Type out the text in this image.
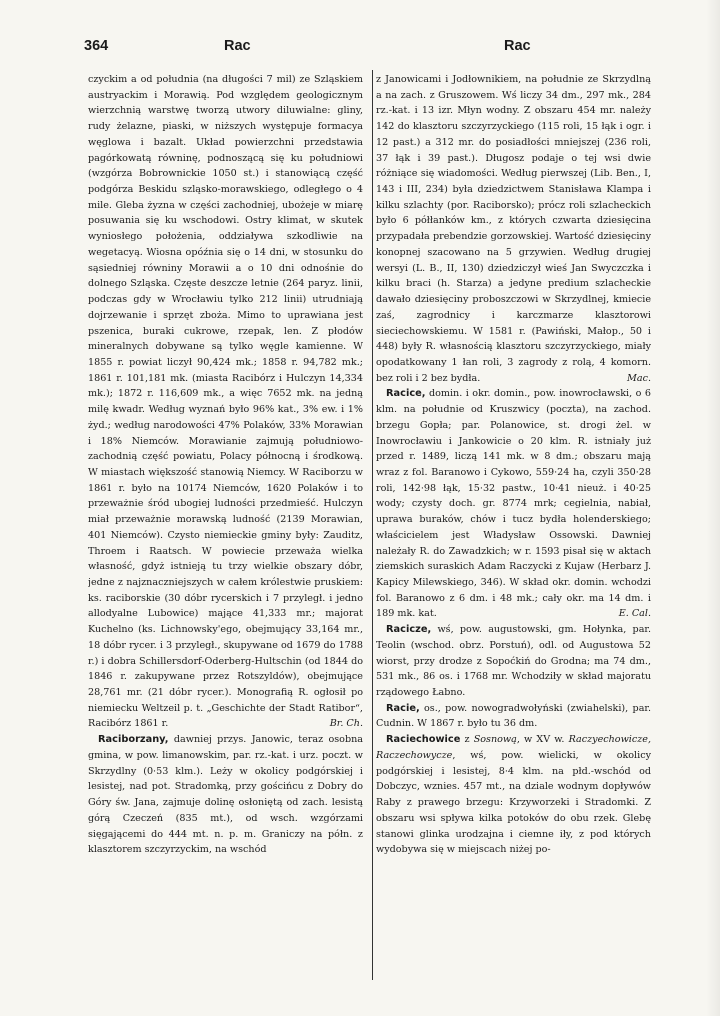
364	Rac	Rac

czyckim a od południa (na długości 7 mil) ze Szląskiem austryackim i Morawią. Pod względem geologicznym wierzchnią warstwę tworzą utwory diluwialne: gliny, rudy żelazne, piaski, w niższych występuje formacya węglowa i bazalt. Układ powierzchni przedstawia pagórkowatą równinę, podnoszącą się ku południowi (wzgórza Bobrownickie 1050 st.) i stanowiącą część podgórza Beskidu szląsko-morawskiego, odległego o 4 mile. Gleba żyzna w części zachodniej, ubożeje w miarę posuwania się ku wschodowi. Ostry klimat, w skutek wyniosłego położenia, oddziaływa szkodliwie na wegetacyą. Wiosna opóźnia się o 14 dni, w stosunku do sąsiedniej równiny Morawii a o 10 dni odnośnie do dolnego Szląska. Częste deszcze letnie (264 paryz. linii, podczas gdy w Wrocławiu tylko 212 linii) utrudniają dojrzewanie i sprzęt zboża. Mimo to uprawiana jest pszenica, buraki cukrowe, rzepak, len. Z płodów mineralnych dobywane są tylko węgle kamienne. W 1855 r. powiat liczył 90,424 mk.; 1858 r. 94,782 mk.; 1861 r. 101,181 mk. (miasta Racibórz i Hulczyn 14,334 mk.); 1872 r. 116,609 mk., a więc 7652 mk. na jedną milę kwadr. Według wyznań było 96% kat., 3% ew. i 1% żyd.; według narodowości 47% Polaków, 33% Morawian i 18% Niemców. Morawianie zajmują południowo-zachodnią część powiatu, Polacy północną i środkową. W miastach większość stanowią Niemcy. W Raciborzu w 1861 r. było na 10174 Niemców, 1620 Polaków i to przeważnie śród ubogiej ludności przedmieść. Hulczyn miał przeważnie morawską ludność (2139 Morawian, 401 Niemców). Czysto niemieckie gminy były: Zauditz, Throem i Raatsch. W powiecie przeważa wielka własność, gdyż istnieją tu trzy wielkie obszary dóbr, jedne z najznaczniejszych w całem królestwie pruskiem: ks. raciborskie (30 dóbr rycerskich i 7 przyległ. i jedno allodyalne Lubowice) mające 41,333 mr.; majorat Kuchelno (ks. Lichnowsky'ego, obejmujący 33,164 mr., 18 dóbr rycer. i 3 przyległ., skupywane od 1679 do 1788 r.) i dobra Schillersdorf-Oderberg-Hultschin (od 1844 do 1846 r. zakupywane przez Rotszyldów), obejmujące 28,761 mr. (21 dóbr rycer.). Monografią R. ogłosił po niemiecku Weltzeil p. t. „Geschichte der Stadt Ratibor“, Racibórz 1861 r.	Br. Ch.

Raciborzany, dawniej przys. Janowic, teraz osobna gmina, w pow. limanowskim, par. rz.-kat. i urz. poczt. w Skrzydlny (0·53 klm.). Leży w okolicy podgórskiej i lesistej, nad pot. Stradomką, przy gościńcu z Dobry do Góry św. Jana, zajmuje dolinę osłoniętą od zach. lesistą górą Czeczeń (835 mt.), od wsch. wzgórzami sięgającemi do 444 mt. n. p. m. Graniczy na półn. z klasztorem szczyrzyckim, na wschód

z Janowicami i Jodłownikiem, na południe ze Skrzydlną a na zach. z Gruszowem. Wś liczy 34 dm., 297 mk., 284 rz.-kat. i 13 izr. Młyn wodny. Z obszaru 454 mr. należy 142 do klasztoru szczyrzyckiego (115 roli, 15 łąk i ogr. i 12 past.) a 312 mr. do posiadłości mniejszej (236 roli, 37 łąk i 39 past.). Długosz podaje o tej wsi dwie różniące się wiadomości. Według pierwszej (Lib. Ben., I, 143 i III, 234) była dziedzictwem Stanisława Klampa i kilku szlachty (por. Raciborsko); prócz roli szlacheckich było 6 półłanków km., z których czwarta dziesięcina przypadała prebendzie gorzowskiej. Wartość dziesięciny konopnej szacowano na 5 grzywien. Według drugiej wersyi (L. B., II, 130) dziedziczył wieś Jan Swyczczka i kilku braci (h. Starza) a jedyne predium szlacheckie dawało dziesięciny proboszczowi w Skrzydlnej, kmiecie zaś, zagrodnicy i karczmarze klasztorowi sieciechowskiemu. W 1581 r. (Pawiński, Małop., 50 i 448) były R. własnością klasztoru szczyrzyckiego, miały opodatkowany 1 łan roli, 3 zagrody z rolą, 4 komorn. bez roli i 2 bez bydła.	Mac.

Racice, domin. i okr. domin., pow. inowrocławski, o 6 klm. na południe od Kruszwicy (poczta), na zachod. brzegu Gopła; par. Polanowice, st. drogi żel. w Inowrocławiu i Jankowicie o 20 klm. R. istniały już przed r. 1489, liczą 141 mk. w 8 dm.; obszaru mają wraz z fol. Baranowo i Cykowo, 559·24 ha, czyli 350·28 roli, 142·98 łąk, 15·32 pastw., 10·41 nieuż. i 40·25 wody; czysty doch. gr. 8774 mrk; cegielnia, nabiał, uprawa buraków, chów i tucz bydła holenderskiego; właścicielem jest Władysław Ossowski. Dawniej należały R. do Zawadzkich; w r. 1593 pisał się w aktach ziemskich suraskich Adam Raczycki z Kujaw (Herbarz J. Kapicy Milewskiego, 346). W skład okr. domin. wchodzi fol. Baranowo z 6 dm. i 48 mk.; cały okr. ma 14 dm. i 189 mk. kat.	E. Cal.

Racicze, wś, pow. augustowski, gm. Hołynka, par. Teolin (wschod. obrz. Porstuń), odl. od Augustowa 52 wiorst, przy drodze z Sopoćkiń do Grodna; ma 74 dm., 531 mk., 86 os. i 1768 mr. Wchodziły w skład majoratu rządowego Łabno.

Racie, os., pow. nowogradwołyński (zwiahelski), par. Cudnin. W 1867 r. było tu 36 dm.

Raciechowice z Sosnową, w XV w. Raczyechowicze, Raczechowycze, wś, pow. wielicki, w okolicy podgórskiej i lesistej, 8·4 klm. na płd.-wschód od Dobczyc, wznies. 457 mt., na dziale wodnym dopływów Raby z prawego brzegu: Krzyworzeki i Stradomki. Z obszaru wsi spływa kilka potoków do obu rzek. Glebę stanowi glinka urodzajna i ciemne iły, z pod których wydobywa się w miejscach niżej po-
